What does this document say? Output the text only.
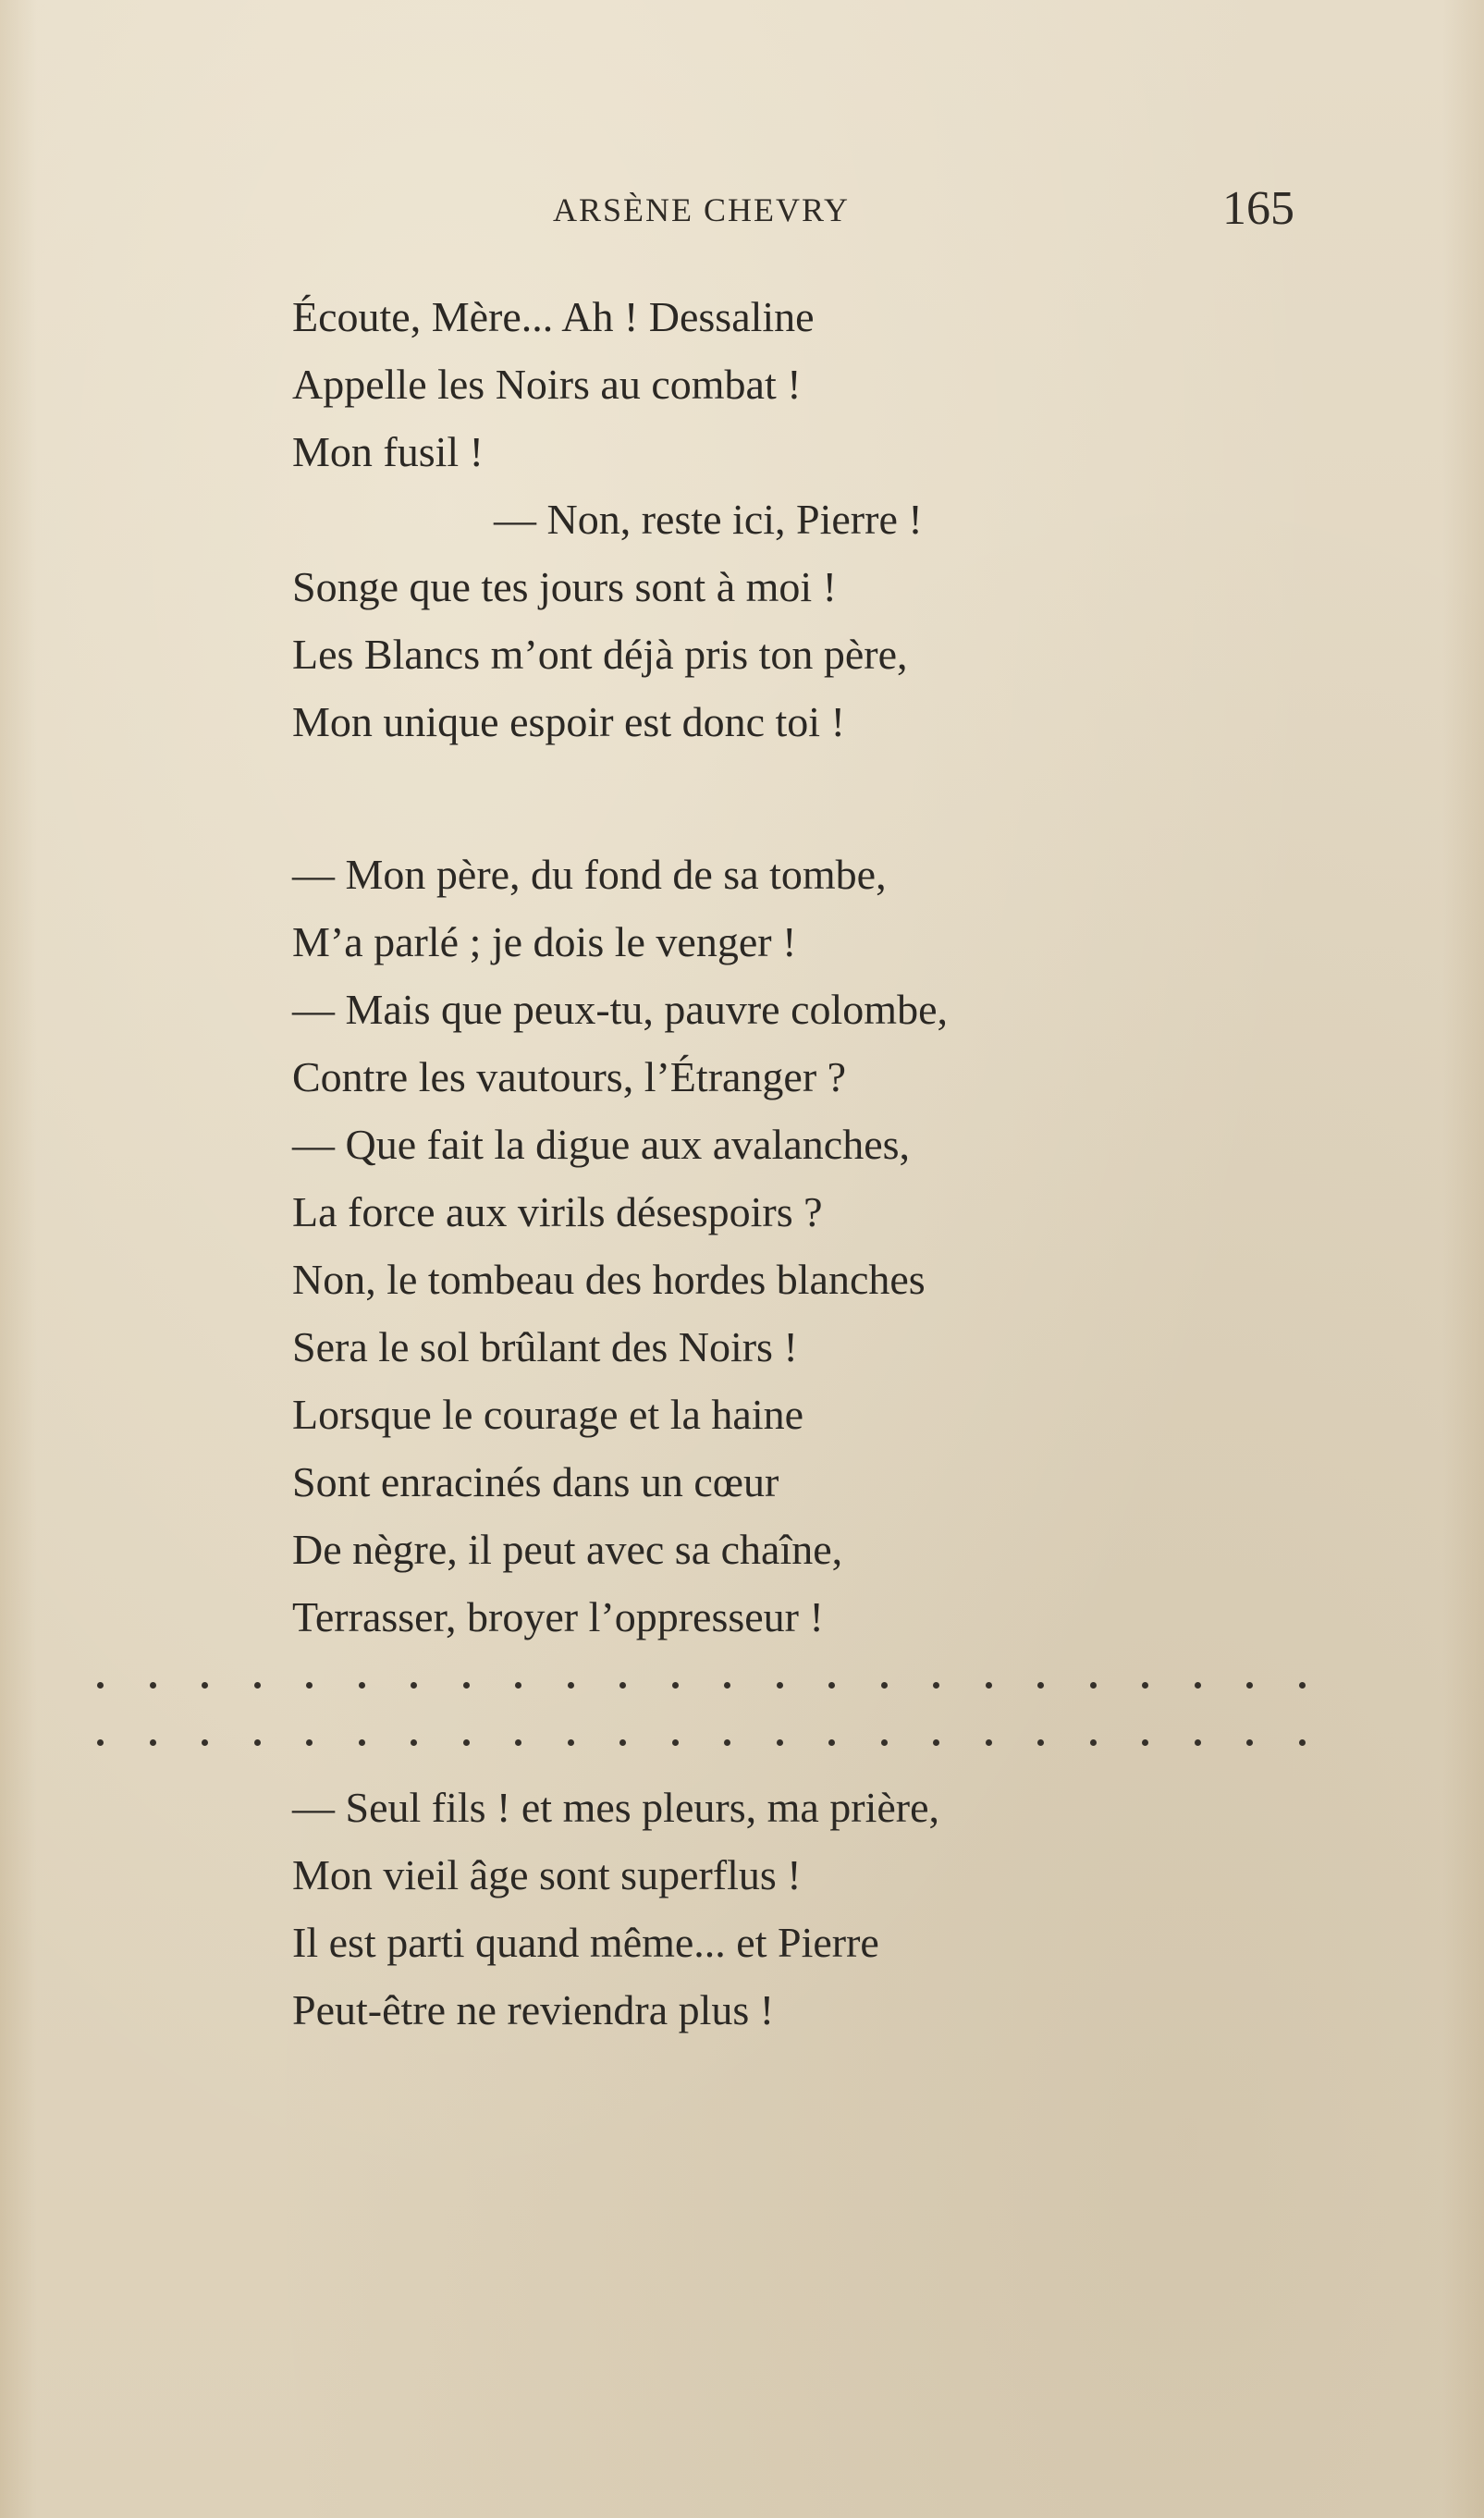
ARSÈNE CHEVRY	165
Écoute, Mère... Ah ! Dessaline
Appelle les Noirs au combat !
Mon fusil !
— Non, reste ici, Pierre !
Songe que tes jours sont à moi !
Les Blancs m’ont déjà pris ton père,
Mon unique espoir est donc toi !
— Mon père, du fond de sa tombe,
M’a parlé ; je dois le venger !
— Mais que peux-tu, pauvre colombe,
Contre les vautours, l’Étranger ?
— Que fait la digue aux avalanches,
La force aux virils désespoirs ?
Non, le tombeau des hordes blanches
Sera le sol brûlant des Noirs !
Lorsque le courage et la haine
Sont enracinés dans un cœur
De nègre, il peut avec sa chaîne,
Terrasser, broyer l’oppresseur !
— Seul fils ! et mes pleurs, ma prière,
Mon vieil âge sont superflus !
Il est parti quand même... et Pierre
Peut-être ne reviendra plus !
